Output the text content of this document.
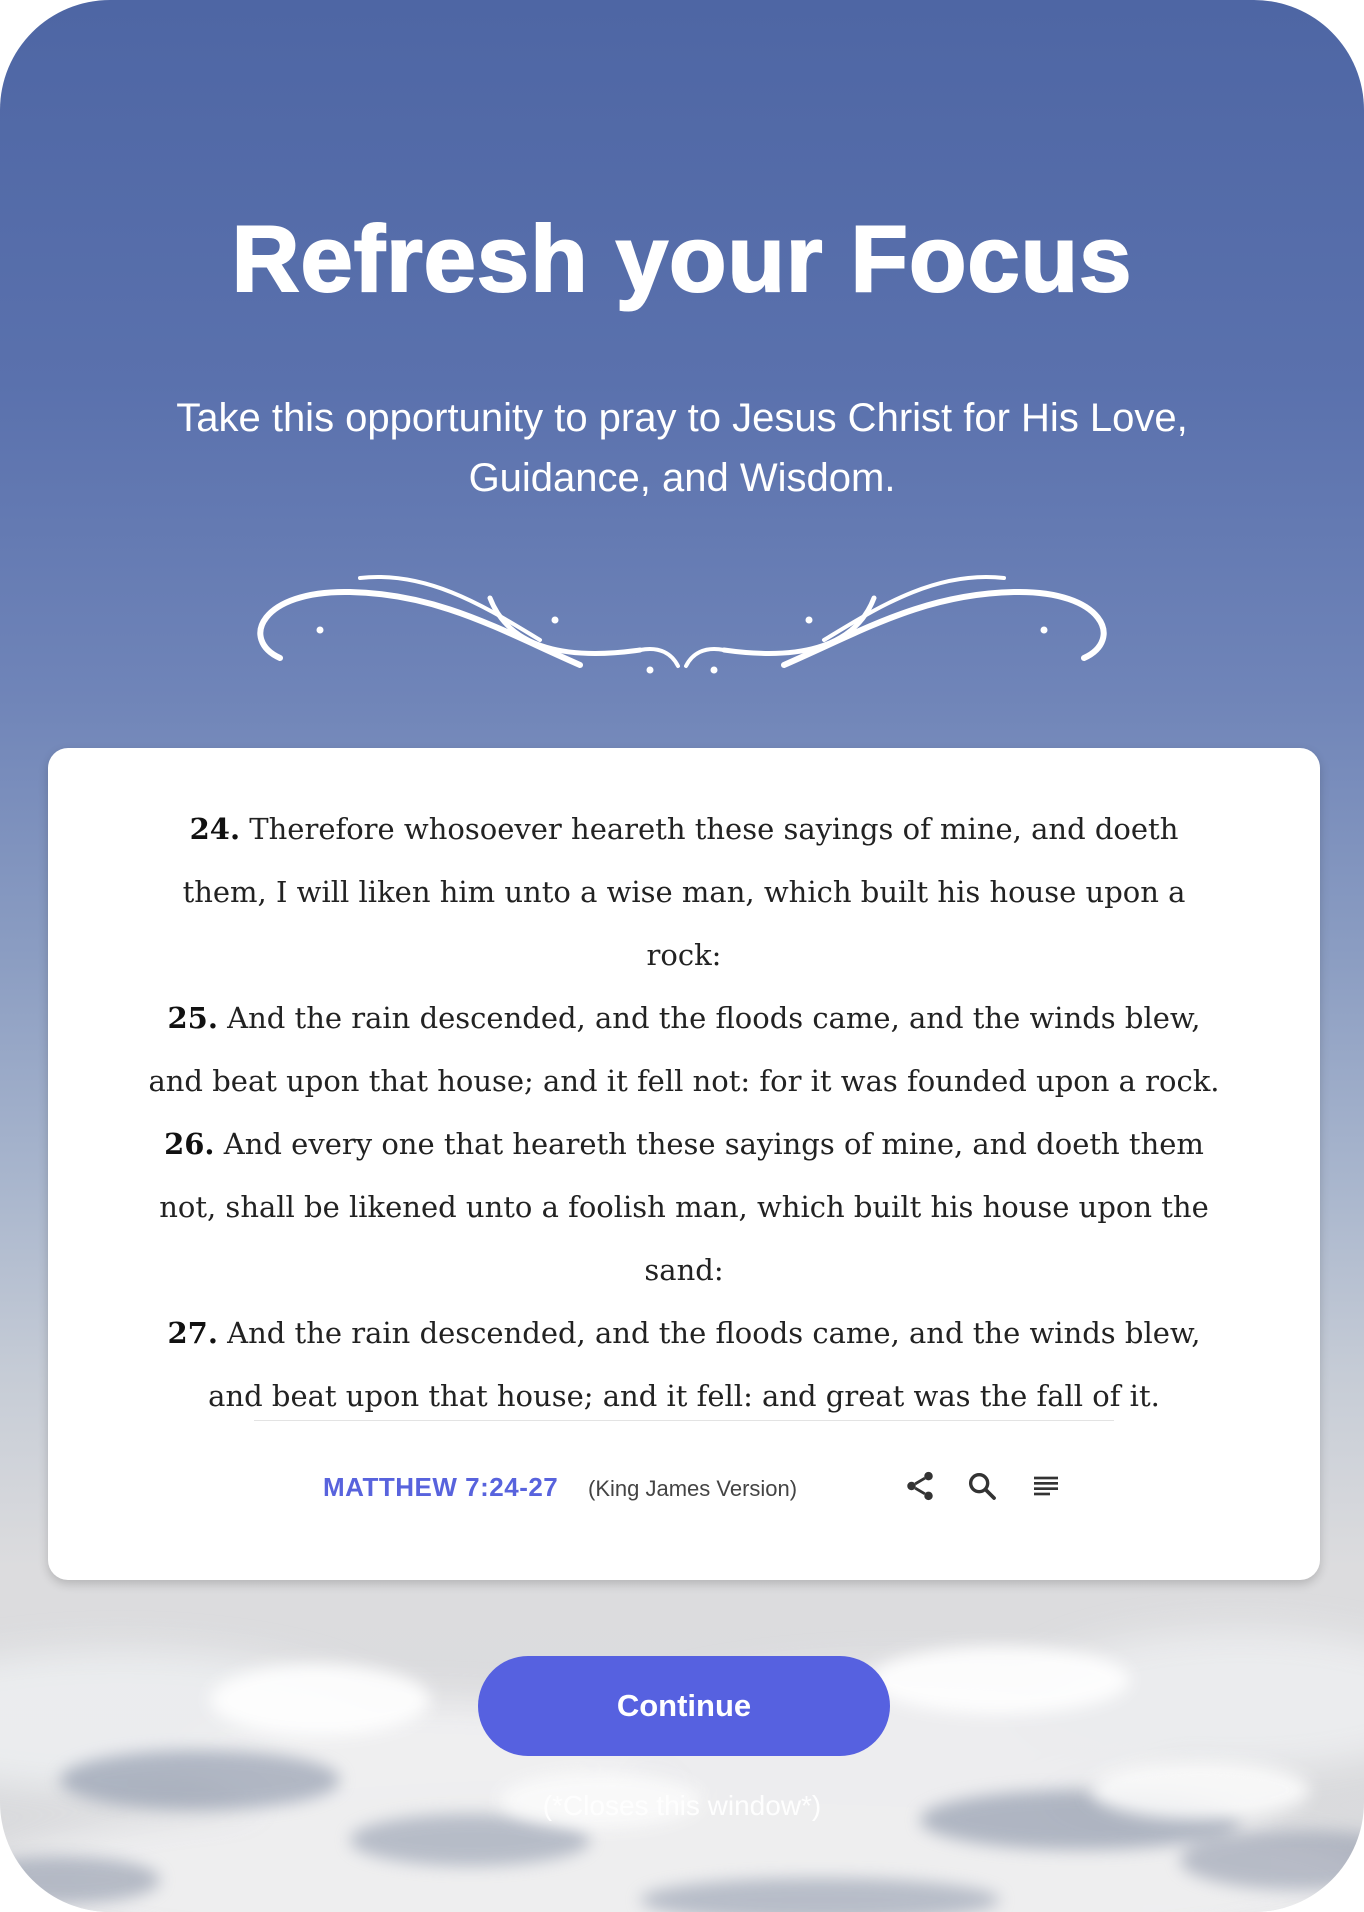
Refresh your Focus

Take this opportunity to pray to Jesus Christ for His Love, Guidance, and Wisdom.

24. Therefore whosoever heareth these sayings of mine, and doeth them, I will liken him unto a wise man, which built his house upon a rock:

25. And the rain descended, and the floods came, and the winds blew, and beat upon that house; and it fell not: for it was founded upon a rock.

26. And every one that heareth these sayings of mine, and doeth them not, shall be likened unto a foolish man, which built his house upon the sand:

27. And the rain descended, and the floods came, and the winds blew, and beat upon that house; and it fell: and great was the fall of it.

MATTHEW 7:24-27 (King James Version)
Continue
(*Closes this window*)
